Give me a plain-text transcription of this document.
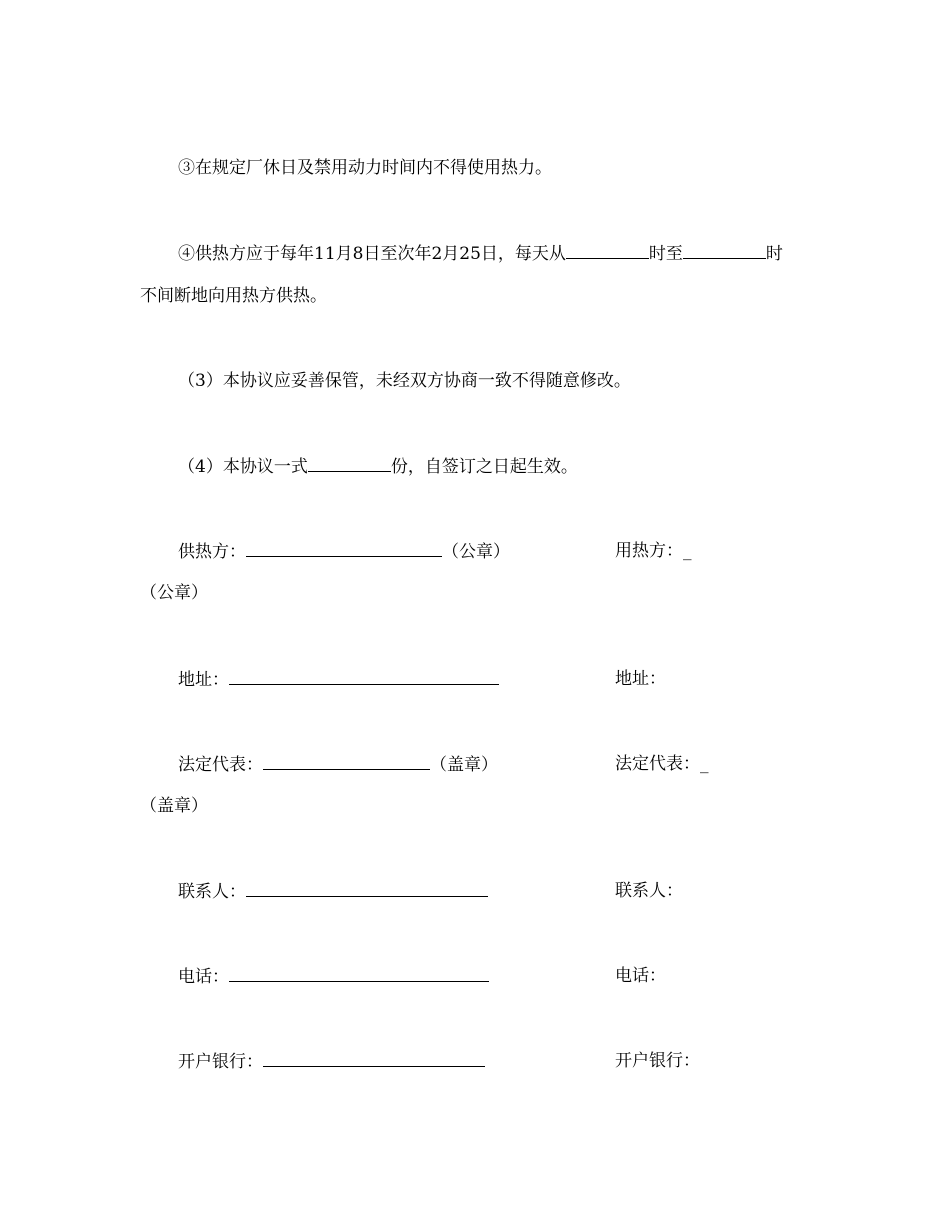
③在规定厂休日及禁用动力时间内不得使用热力。
④供热方应于每年11月8日至次年2月25日，每天从	时至	时
不间断地向用热方供热。
（3）本协议应妥善保管，未经双方协商一致不得随意修改。
（4）本协议一式	份，自签订之日起生效。
供热方：	（公章）	用热方：_
（公章）
地址：	地址：
法定代表：	（盖章）	法定代表：_
（盖章）
联系人：	联系人：
电话：	电话：
开户银行：	开户银行：
